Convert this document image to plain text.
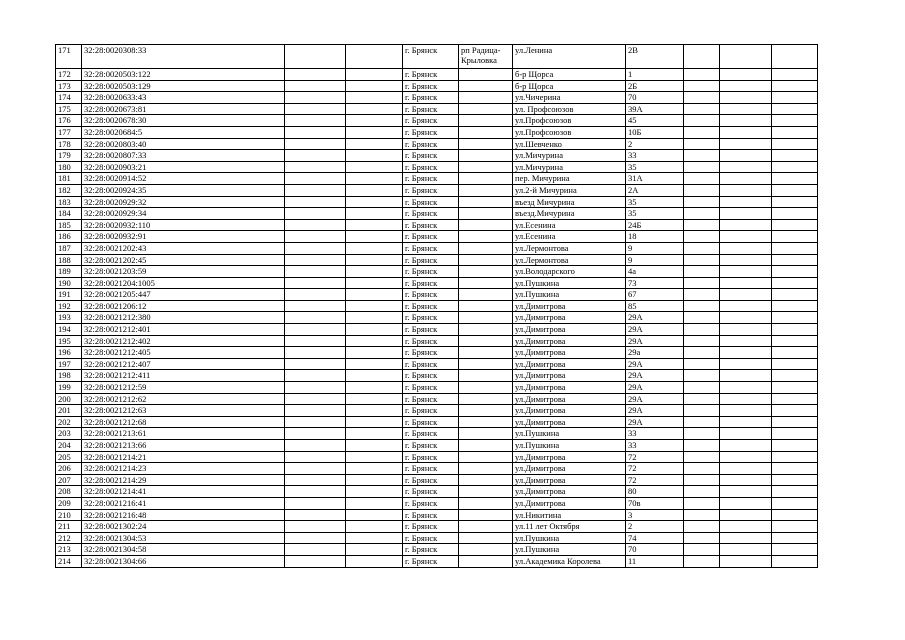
171	32:28:0020308:33			г. Брянск	рп Радица-Крыловка	ул.Ленина	2В			
172	32:28:0020503:122			г. Брянск		б-р Щорса	1			
173	32:28:0020503:129			г. Брянск		б-р Щорса	2Б			
174	32:28:0020633:43			г. Брянск		ул.Чичерина	70			
175	32:28:0020673:81			г. Брянск		ул. Профсоюзов	39А			
176	32:28:0020678:30			г. Брянск		ул.Профсоюзов	45			
177	32:28:0020684:5			г. Брянск		ул.Профсоюзов	10Б			
178	32:28:0020803:40			г. Брянск		ул.Шевченко	2			
179	32:28:0020807:33			г. Брянск		ул.Мичурина	33			
180	32:28:0020903:21			г. Брянск		ул.Мичурина	35			
181	32:28:0020914:52			г. Брянск		пер. Мичурина	31А			
182	32:28:0020924:35			г. Брянск		ул.2-й Мичурина	2А			
183	32:28:0020929:32			г. Брянск		въезд Мичурина	35			
184	32:28:0020929:34			г. Брянск		въезд.Мичурина	35			
185	32:28:0020932:110			г. Брянск		ул.Есенина	24Б			
186	32:28:0020932:91			г. Брянск		ул.Есенина	18			
187	32:28:0021202:43			г. Брянск		ул.Лермонтова	9			
188	32:28:0021202:45			г. Брянск		ул.Лермонтова	9			
189	32:28:0021203:59			г. Брянск		ул.Володарского	4а			
190	32:28:0021204:1005			г. Брянск		ул.Пушкина	73			
191	32:28:0021205:447			г. Брянск		ул.Пушкина	67			
192	32:28:0021206:12			г. Брянск		ул.Димитрова	85			
193	32:28:0021212:380			г. Брянск		ул.Димитрова	29А			
194	32:28:0021212:401			г. Брянск		ул.Димитрова	29А			
195	32:28:0021212:402			г. Брянск		ул.Димитрова	29А			
196	32:28:0021212:405			г. Брянск		ул.Димитрова	29а			
197	32:28:0021212:407			г. Брянск		ул.Димитрова	29А			
198	32:28:0021212:411			г. Брянск		ул.Димитрова	29А			
199	32:28:0021212:59			г. Брянск		ул.Димитрова	29А			
200	32:28:0021212:62			г. Брянск		ул.Димитрова	29А			
201	32:28:0021212:63			г. Брянск		ул.Димитрова	29А			
202	32:28:0021212:68			г. Брянск		ул.Димитрова	29А			
203	32:28:0021213:61			г. Брянск		ул.Пушкина	33			
204	32:28:0021213:66			г. Брянск		ул.Пушкина	33			
205	32:28:0021214:21			г. Брянск		ул.Димитрова	72			
206	32:28:0021214:23			г. Брянск		ул.Димитрова	72			
207	32:28:0021214:29			г. Брянск		ул.Димитрова	72			
208	32:28:0021214:41			г. Брянск		ул.Димитрова	80			
209	32:28:0021216:41			г. Брянск		ул.Димитрова	70в			
210	32:28:0021216:48			г. Брянск		ул.Никитина	3			
211	32:28:0021302:24			г. Брянск		ул.11 лет Октября	2			
212	32:28:0021304:53			г. Брянск		ул.Пушкина	74			
213	32:28:0021304:58			г. Брянск		ул.Пушкина	70			
214	32:28:0021304:66			г. Брянск		ул.Академика Королева	11			
